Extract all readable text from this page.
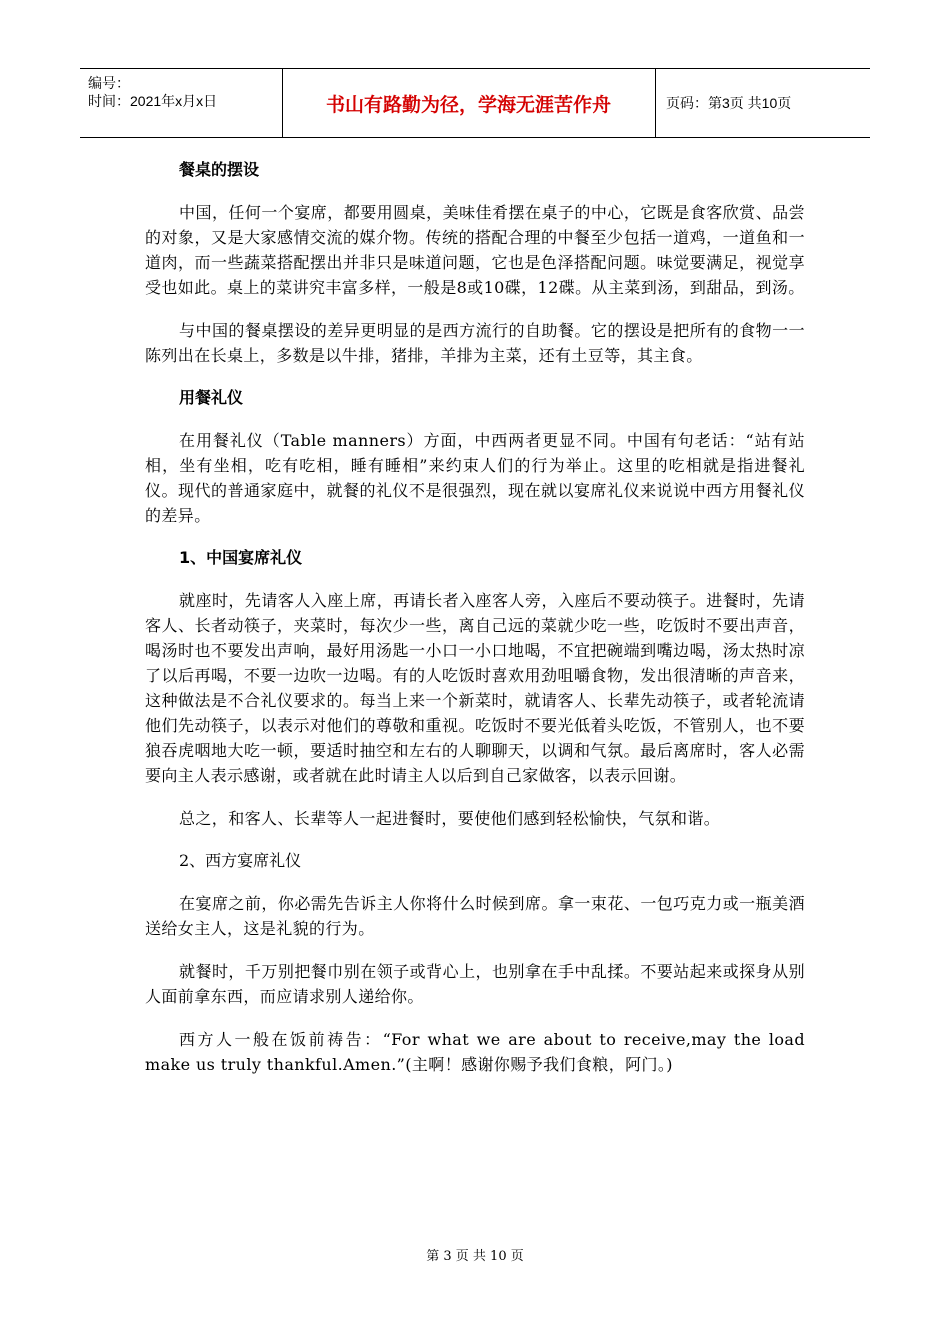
编号：
时间：2021年x月x日	书山有路勤为径，学海无涯苦作舟	页码：第3页 共10页
餐桌的摆设

中国，任何一个宴席，都要用圆桌，美味佳肴摆在桌子的中心，它既是食客欣赏、品尝的对象，又是大家感情交流的媒介物。传统的搭配合理的中餐至少包括一道鸡，一道鱼和一道肉，而一些蔬菜搭配摆出并非只是味道问题，它也是色泽搭配问题。味觉要满足，视觉享受也如此。桌上的菜讲究丰富多样，一般是8或10碟，12碟。从主菜到汤，到甜品，到汤。

与中国的餐桌摆设的差异更明显的是西方流行的自助餐。它的摆设是把所有的食物一一陈列出在长桌上，多数是以牛排，猪排，羊排为主菜，还有土豆等，其主食。

用餐礼仪

在用餐礼仪（Table manners）方面，中西两者更显不同。中国有句老话：“站有站相，坐有坐相，吃有吃相，睡有睡相”来约束人们的行为举止。这里的吃相就是指进餐礼仪。现代的普通家庭中，就餐的礼仪不是很强烈，现在就以宴席礼仪来说说中西方用餐礼仪的差异。

1、中国宴席礼仪

就座时，先请客人入座上席，再请长者入座客人旁，入座后不要动筷子。进餐时，先请客人、长者动筷子，夹菜时，每次少一些，离自己远的菜就少吃一些，吃饭时不要出声音，喝汤时也不要发出声响，最好用汤匙一小口一小口地喝，不宜把碗端到嘴边喝，汤太热时凉了以后再喝，不要一边吹一边喝。有的人吃饭时喜欢用劲咀嚼食物，发出很清晰的声音来，这种做法是不合礼仪要求的。每当上来一个新菜时，就请客人、长辈先动筷子，或者轮流请他们先动筷子，以表示对他们的尊敬和重视。吃饭时不要光低着头吃饭，不管别人，也不要狼吞虎咽地大吃一顿，要适时抽空和左右的人聊聊天，以调和气氛。最后离席时，客人必需要向主人表示感谢，或者就在此时请主人以后到自己家做客，以表示回谢。

总之，和客人、长辈等人一起进餐时，要使他们感到轻松愉快，气氛和谐。

2、西方宴席礼仪

在宴席之前，你必需先告诉主人你将什么时候到席。拿一束花、一包巧克力或一瓶美酒送给女主人，这是礼貌的行为。

就餐时，千万别把餐巾别在领子或背心上，也别拿在手中乱揉。不要站起来或探身从别人面前拿东西，而应请求别人递给你。

西方人一般在饭前祷告：“For what we are about to receive,may the load make us truly thankful.Amen.”(主啊！感谢你赐予我们食粮，阿门。)

第 3 页 共 10 页
